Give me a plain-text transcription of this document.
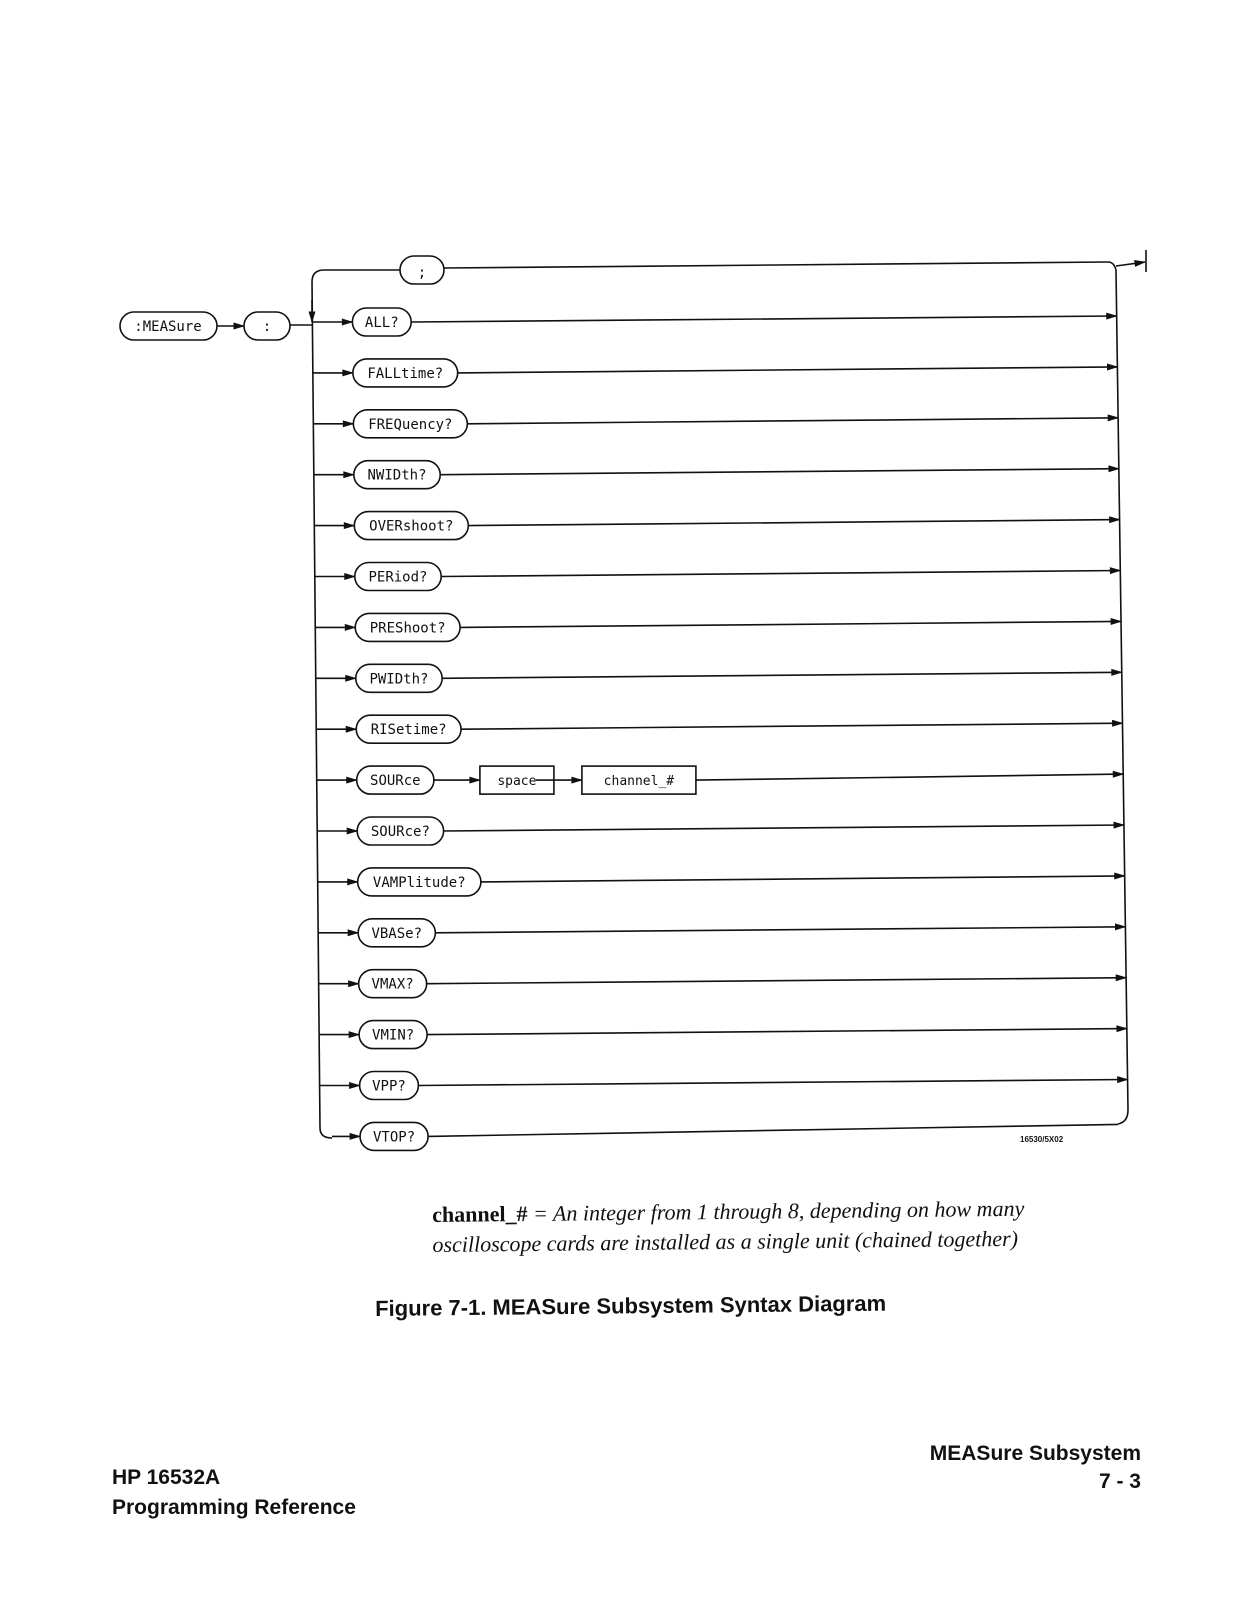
:MEASure	:
;
16530/5X02
ALL?
FALLtime?
FREQuency?
NWIDth?
OVERshoot?
PERiod?
PREShoot?
PWIDth?
RISetime?
SOURce	space	channel_#
SOURce?
VAMPlitude?
VBASe?
VMAX?
VMIN?
VPP?
VTOP?
channel_# = An integer from 1 through 8, depending on how many oscilloscope cards are installed as a single unit (chained together)
Figure 7-1. MEASure Subsystem Syntax Diagram
HP 16532A
Programming Reference
MEASure Subsystem
7 - 3
